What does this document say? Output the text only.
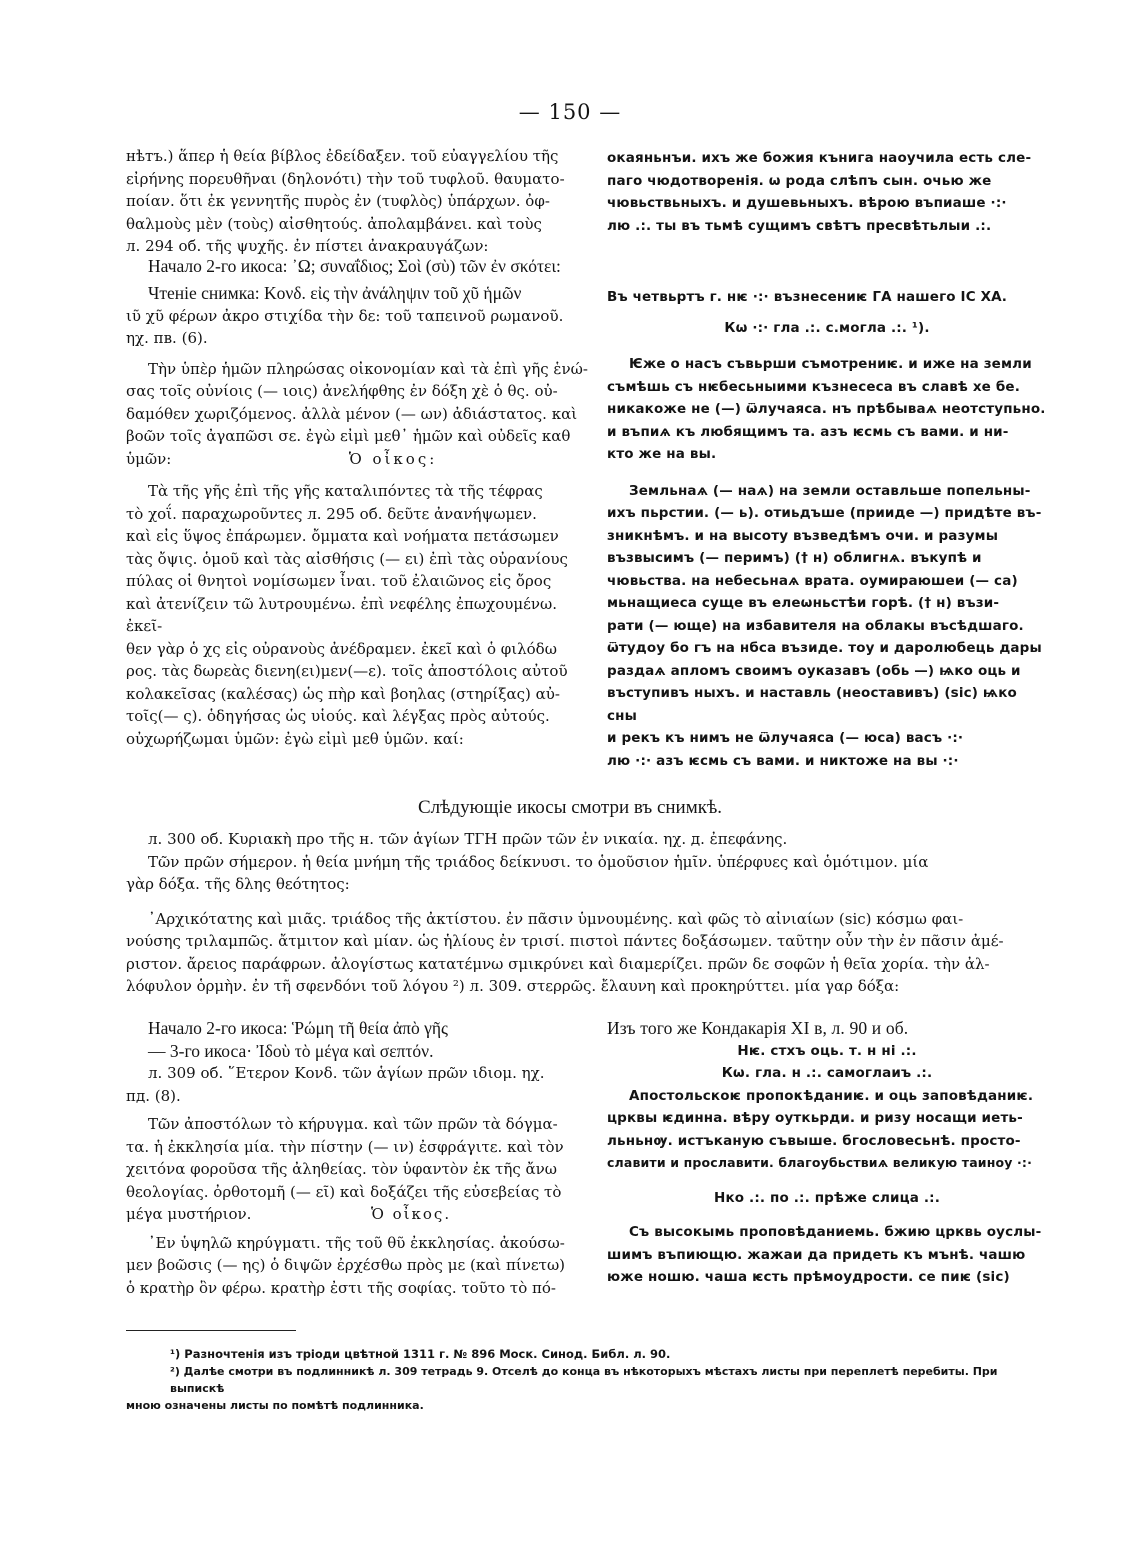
— 150 —

нѣтъ.) ἅπερ ἡ θεία βίβλος ἐδείδαξεν. τοῦ εὐαγγελίου τῆς

εἰρήνης πορευθῆναι (δηλονότι) τὴν τοῦ τυφλοῦ. θαυματο-

ποίαν. ὅτι ἐκ γεννητῆς πυρὸς ἐν (τυφλὸς) ὑπάρχων. ὀφ-

θαλμοὺς μὲν (τοὺς) αἰσθητούς. ἀπολαμβάνει. καὶ τοὺς

л. 294 об. τῆς ψυχῆς. ἐν πίστει ἀνακραυγάζων:

окаяньнъи. ихъ же божия кънига наоучила есть сле-

паго чюдотворенія. ѡ рода слѣпъ сын. очью же

чювьствьныхъ. и душевьныхъ. вѣрою въпиаше ·:·

лю .:. ты въ тьмѣ сущимъ свѣтъ пресвѣтьлыи .:.

Начало 2-го икоса: ᾽Ω; συναΐδιος; Σοὶ (σὺ) τῶν ἐν σκότει:

Чтеніе снимка: Κονδ. εἰς τὴν ἀνάληψιν τοῦ χῦ ἡμῶν

ιῦ χῦ φέρων ἀκρο στιχίδα τὴν δε: τοῦ ταπεινοῦ ρωμανοῦ.

ηχ. пв. (6).

Τὴν ὑπὲρ ἡμῶν πληρώσας οἰκονομίαν καὶ τὰ ἐπὶ γῆς ἑνώ-

σας τοῖς οὐνίοις (— ιοις) ἀνελήφθης ἐν δόξη χὲ ὁ θς. οὐ-

δαμόθεν χωριζόμενος. ἀλλὰ μένον (— ων) ἀδιάστατος. καὶ

βοῶν τοῖς ἀγαπῶσι σε. ἐγὼ εἰμὶ μεθ᾽ ἡμῶν καὶ οὐδεῖς καθ

ὑμῶν:	Ὁ οἶκος:

Τὰ τῆς γῆς ἐπὶ τῆς γῆς καταλιπόντες τὰ τῆς τέφρας

τὸ χοΐ. παραχωροῦντες л. 295 об. δεῦτε ἀνανήψωμεν.

καὶ εἰς ὕψος ἐπάρωμεν. ὄμματα καὶ νοήματα πετάσωμεν

τὰς ὄψις. ὁμοῦ καὶ τὰς αἰσθήσις (— ει) ἐπὶ τὰς οὐρανίους

πύλας οἱ θνητοὶ νομίσωμεν ἶναι. τοῦ ἐλαιῶνος εἰς ὄρος

καὶ ἀτενίζειν τῶ λυτρουμένω. ἐπὶ νεφέλης ἐπωχουμένω. ἐκεῖ-

θεν γὰρ ὁ χς εἰς οὐρανοὺς ἀνέδραμεν. ἐκεῖ καὶ ὁ φιλόδω

ρος. τὰς δωρεὰς διενη(ει)μεν(—ε). τοῖς ἀποστόλοις αὐτοῦ

κολακεῖσας (καλέσας) ὡς πὴρ καὶ βοηλας (στηρίξας) αὐ-

τοῖς(— ς). ὁδηγήσας ὡς υἱούς. καὶ λέγξας πρὸς αὐτούς.

οὐχωρήζωμαι ὑμῶν: ἐγὼ εἰμὶ μεθ ὑμῶν. καί:

Въ четвьртъ г. нѥ ·:· възнесениѥ ГА нашего IC ХА.

Кѡ ·:· гла .:. с.могла .:. ¹).

Ѥже о насъ съвьрши съмотрениѥ. и иже на земли

съмѣшь съ нѥбесьныими къзнесеса въ славѣ хе бе.

никакоже не (—) ѿлучаяса. нъ прѣбываѧ неотступьно.

и въпиѧ къ любящимъ та. азъ ѥсмь съ вами. и ни-

кто же на вы.

Земльнаѧ (— наѧ) на земли оставльше попельны-

ихъ пьрстии. (— ь). отиьдъше (прииде —) придѣте въ-

зникнѣмъ. и на высоту възведѣмъ очи. и разумы

възвысимъ (— перимъ) († н) облигнѧ. въкупѣ и

чювьства. на небесьнаѧ врата. оумираюшеи (— са)

мьнащиеса суще въ елеѡньстѣи горѣ. († н) възи-

рати (— юще) на избавителя на облакы въсѣдшаго.

ѿтудоу бо гъ на нбса възиде. тоу и даролюбець дары

раздаѧ апломъ своимъ оуказавъ (обь —) ѩко оць и

въступивъ ныхъ. и наставль (неоставивъ) (sic) ѩко сны

и рекъ къ нимъ не ѿлучаяса (— юса) васъ ·:·

лю ·:· азъ ѥсмь съ вами. и никтоже на вы ·:·

Слѣдующіе икосы смотри въ снимкѣ.

л. 300 об. Κυριακὴ προ τῆς н. τῶν ἁγίων ТГН πρῶν τῶν ἐν νικαία. ηχ. д. ἐπεφάνης.

Τῶν πρῶν σήμερον. ἡ θεία μνήμη τῆς τριάδος δείκνυσι. το ὁμοῦσιον ἡμῖν. ὑπέρφυες καὶ ὁμότιμον. μία

γὰρ δόξα. τῆς δλης θεότητος:

᾽Αρχικότατης καὶ μιᾶς. τριάδος τῆς ἀκτίστου. ἐν πᾶσιν ὑμνουμένης. καὶ φῶς τὸ αἰνιαίων (sic) κόσμω φαι-

νούσης τριλαμπῶς. ἄτμιτον καὶ μίαν. ὡς ἡλίους ἐν τρισί. πιστοὶ πάντες δοξάσωμεν. ταῦτην οὖν τὴν ἐν πᾶσιν ἀμέ-

ριστον. ἄρειος παράφρων. ἀλογίστως κατατέμνω σμικρύνει καὶ διαμερίζει. πρῶν δε σοφῶν ἡ θεῖα χορία. τὴν ἀλ-

λόφυλον ὁρμὴν. ἐν τῆ σφενδόνι τοῦ λόγου ²) л. 309. στερρῶς. ἔλαυνη καὶ προκηρύττει. μία γαρ δόξα:

Начало 2-го икоса: Ῥώμη τῆ θεία ἀπὸ γῆς

— 3-го икоса· Ἰδοὺ τὸ μέγα καὶ σεπτόν.

л. 309 об. ῞Ετερον Κονδ. τῶν ἁγίων πρῶν ιδιομ. ηχ.

пд. (8).

Τῶν ἀποστόλων τὸ κήρυγμα. καὶ τῶν πρῶν τὰ δόγμα-

τα. ἡ ἐκκλησία μία. τὴν πίστην (— ιν) ἐσφράγιτε. καὶ τὸν

χειτόνα φοροῦσα τῆς ἀληθείας. τὸν ὑφαντὸν ἐκ τῆς ἄνω

θεολογίας. ὀρθοτομῆ (— εῖ) καὶ δοξάζει τῆς εὐσεβείας τὸ

μέγα μυστήριον.	Ὁ οἶκος.

᾽Εν ὑψηλῶ κηρύγματι. τῆς τοῦ θῦ ἐκκλησίας. ἀκούσω-

μεν βοῶσις (— ης) ὁ διψῶν ἐρχέσθω πρὸς με (καὶ πίνετω)

ὁ κρατὴρ ὃν φέρω. κρατὴρ ἐστι τῆς σοφίας. τοῦτο τὸ πό-

Изъ того же Кондакарія XI в, л. 90 и об.

Нѥ. стхъ оць. т. н нi .:.

Кѡ. гла. н .:. самоглаиъ .:.

Апостольскоѥ пропоκѣданиѥ. и оць заповѣданиѥ.

црквы ѥдинна. вѣру оуткьрди. и ризу носащи иеть-

льньнѹ. истъканую съвыше. бгословесьнѣ. просто-

славити и прославити. благоубьствиѧ велиκую таиноу ·:·

Нко .:. по .:. прѣже слица .:.

Съ высокымь проповѣданиемь. бжию црквь оуслы-

шимъ въпиющю. жажаи да придеть къ мънѣ. чашю

юже ношю. чаша ѥсть прѣмоудрости. се пиѥ (sic)

¹) Разночтенія изъ тріоди цвѣтной 1311 г. № 896 Моск. Синод. Библ. л. 90.

²) Далѣе смотри въ подлинникѣ л. 309 тетрадь 9. Отселѣ до конца въ нѣкоторыхъ мѣстахъ листы при переплетѣ перебиты. При выпискѣ

мною означены листы по помѣтѣ подлинника.
